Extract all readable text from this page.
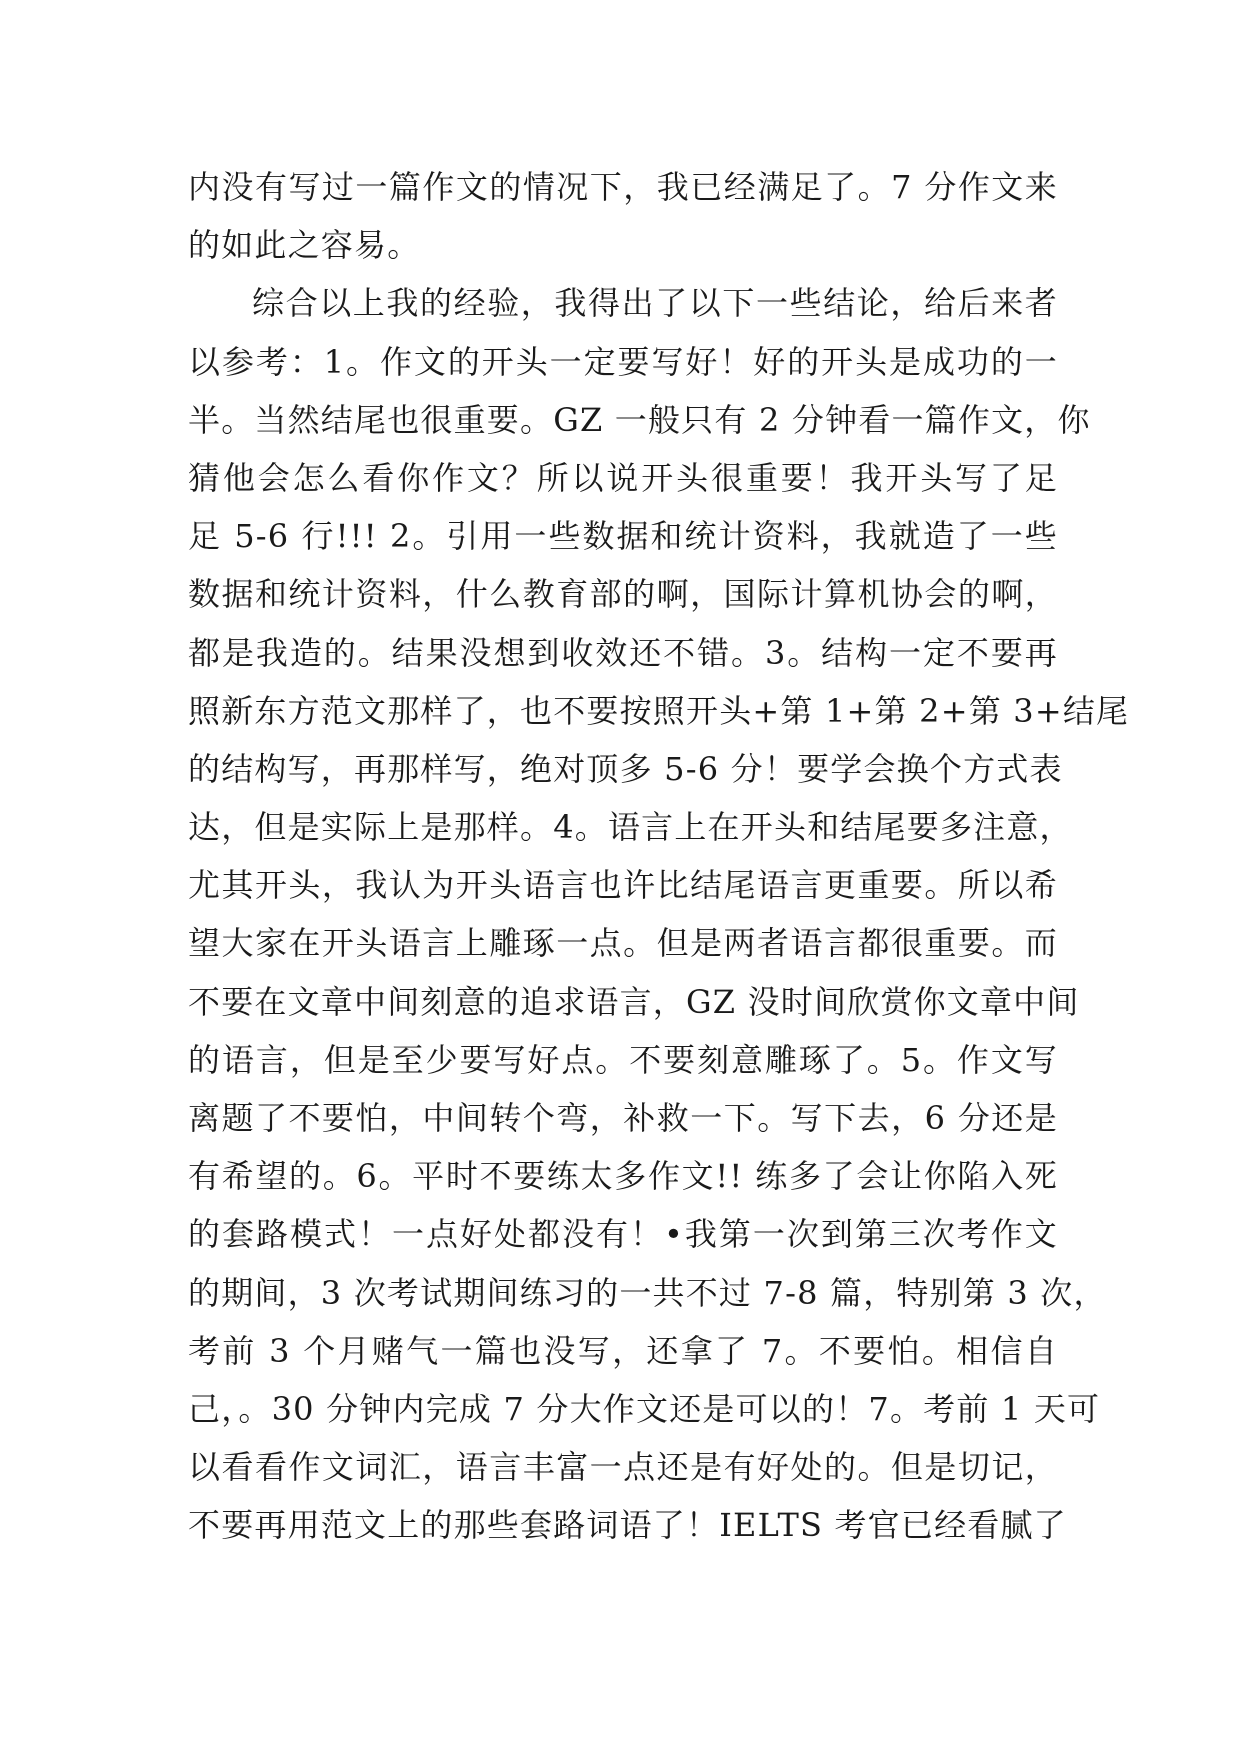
内没有写过一篇作文的情况下，我已经满足了。7 分作文来
的如此之容易。
综合以上我的经验，我得出了以下一些结论，给后来者
以参考：1。作文的开头一定要写好！好的开头是成功的一
半。当然结尾也很重要。GZ 一般只有 2 分钟看一篇作文，你
猜他会怎么看你作文？所以说开头很重要！我开头写了足
足 5-6 行!!! 2。引用一些数据和统计资料，我就造了一些
数据和统计资料，什么教育部的啊，国际计算机协会的啊，
都是我造的。结果没想到收效还不错。3。结构一定不要再
照新东方范文那样了，也不要按照开头+第 1+第 2+第 3+结尾
的结构写，再那样写，绝对顶多 5-6 分！要学会换个方式表
达，但是实际上是那样。4。语言上在开头和结尾要多注意，
尤其开头，我认为开头语言也许比结尾语言更重要。所以希
望大家在开头语言上雕琢一点。但是两者语言都很重要。而
不要在文章中间刻意的追求语言，GZ 没时间欣赏你文章中间
的语言，但是至少要写好点。不要刻意雕琢了。5。作文写
离题了不要怕，中间转个弯，补救一下。写下去，6 分还是
有希望的。6。平时不要练太多作文!! 练多了会让你陷入死
的套路模式！一点好处都没有！•我第一次到第三次考作文
的期间，3 次考试期间练习的一共不过 7-8 篇，特别第 3 次，
考前 3 个月赌气一篇也没写，还拿了 7。不要怕。相信自
己，。30 分钟内完成 7 分大作文还是可以的！7。考前 1 天可
以看看作文词汇，语言丰富一点还是有好处的。但是切记，
不要再用范文上的那些套路词语了！IELTS 考官已经看腻了
